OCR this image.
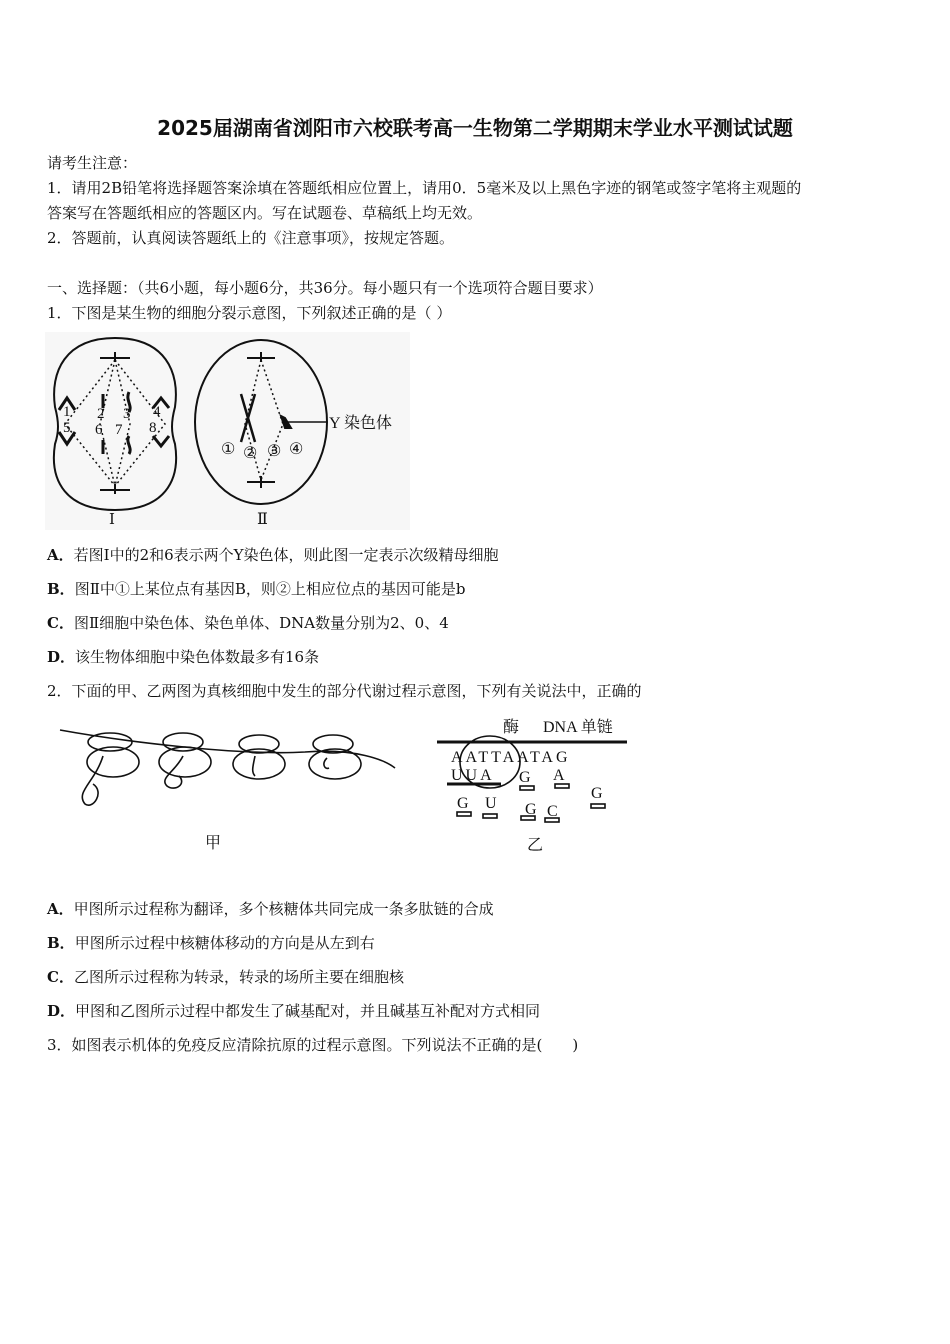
2025届湖南省浏阳市六校联考高一生物第二学期期末学业水平测试试题
请考生注意：
1．请用2B铅笔将选择题答案涂填在答题纸相应位置上，请用0．5毫米及以上黑色字迹的钢笔或签字笔将主观题的
答案写在答题纸相应的答题区内。写在试题卷、草稿纸上均无效。
2．答题前，认真阅读答题纸上的《注意事项》，按规定答题。
一、选择题：（共6小题，每小题6分，共36分。每小题只有一个选项符合题目要求）
1．下图是某生物的细胞分裂示意图，下列叙述正确的是（ ）
1 2 3 4
5 6 7 8
Ⅰ
① ② ③ ④
Y 染色体
Ⅱ
A．若图Ⅰ中的2和6表示两个Y染色体，则此图一定表示次级精母细胞
B．图Ⅱ中①上某位点有基因B，则②上相应位点的基因可能是b
C．图Ⅱ细胞中染色体、染色单体、DNA数量分别为2、0、4
D．该生物体细胞中染色体数最多有16条
2．下面的甲、乙两图为真核细胞中发生的部分代谢过程示意图，下列有关说法中，正确的
甲
酶 DNA 单链
AATTAATAG
UUA G A
G U G C
G
乙
A．甲图所示过程称为翻译，多个核糖体共同完成一条多肽链的合成
B．甲图所示过程中核糖体移动的方向是从左到右
C．乙图所示过程称为转录，转录的场所主要在细胞核
D．甲图和乙图所示过程中都发生了碱基配对，并且碱基互补配对方式相同
3．如图表示机体的免疫反应清除抗原的过程示意图。下列说法不正确的是(　　)
